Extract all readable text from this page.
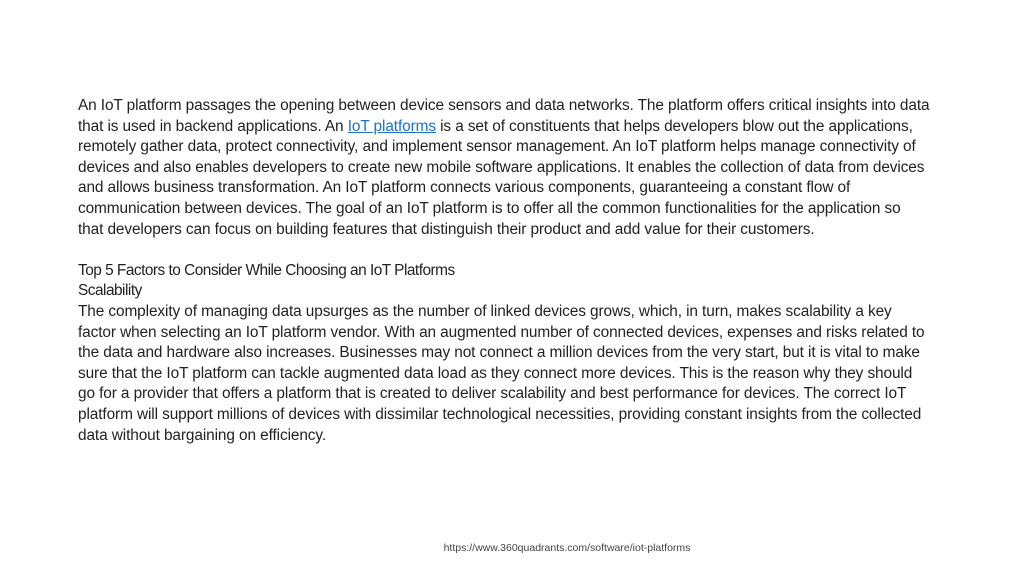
An IoT platform passages the opening between device sensors and data networks. The platform offers critical insights into data that is used in backend applications. An IoT platforms is a set of constituents that helps developers blow out the applications, remotely gather data, protect connectivity, and implement sensor management. An IoT platform helps manage connectivity of devices and also enables developers to create new mobile software applications. It enables the collection of data from devices and allows business transformation. An IoT platform connects various components, guaranteeing a constant flow of communication between devices. The goal of an IoT platform is to offer all the common functionalities for the application so that developers can focus on building features that distinguish their product and add value for their customers.

Top 5 Factors to Consider While Choosing an IoT Platforms

Scalability

The complexity of managing data upsurges as the number of linked devices grows, which, in turn, makes scalability a key factor when selecting an IoT platform vendor. With an augmented number of connected devices, expenses and risks related to the data and hardware also increases. Businesses may not connect a million devices from the very start, but it is vital to make sure that the IoT platform can tackle augmented data load as they connect more devices. This is the reason why they should go for a provider that offers a platform that is created to deliver scalability and best performance for devices. The correct IoT platform will support millions of devices with dissimilar technological necessities, providing constant insights from the collected data without bargaining on efficiency.

https://www.360quadrants.com/software/iot-platforms
